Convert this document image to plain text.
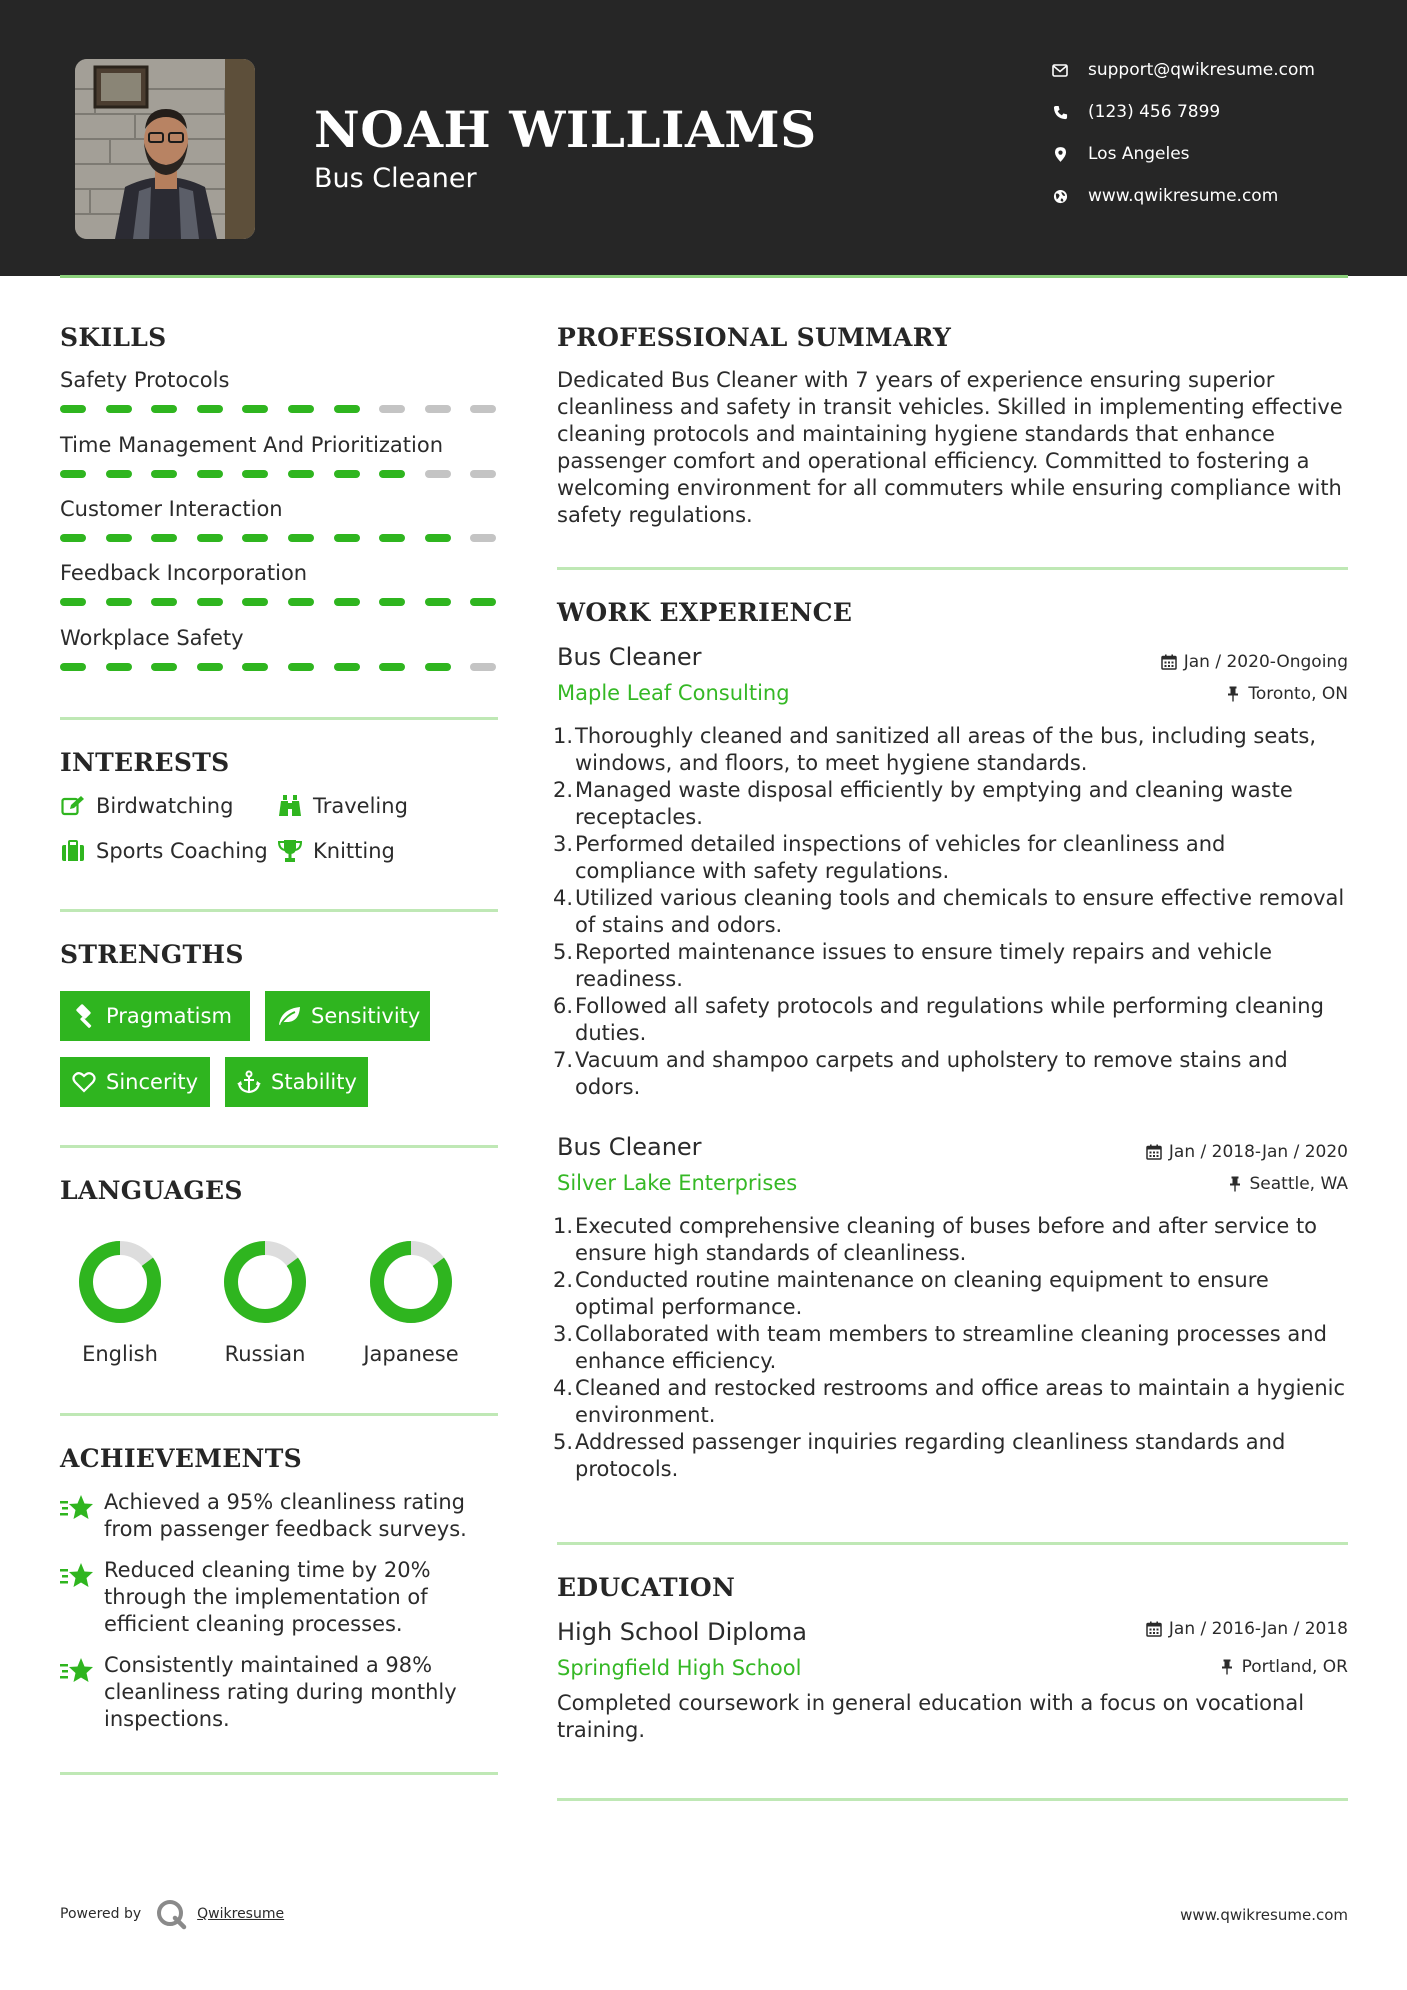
NOAH WILLIAMS
Bus Cleaner
support@qwikresume.com
(123) 456 7899
Los Angeles
www.qwikresume.com
SKILLS
Safety Protocols
Time Management And Prioritization
Customer Interaction
Feedback Incorporation
Workplace Safety
INTERESTS
Birdwatching	Traveling
Sports Coaching Knitting
STRENGTHS
Pragmatism	Sensitivity
Sincerity	Stability
LANGUAGES
English	Russian	Japanese
ACHIEVEMENTS
Achieved a 95% cleanliness rating from passenger feedback surveys.
Reduced cleaning time by 20% through the implementation of efficient cleaning processes.
Consistently maintained a 98% cleanliness rating during monthly inspections.
PROFESSIONAL SUMMARY
Dedicated Bus Cleaner with 7 years of experience ensuring superior cleanliness and safety in transit vehicles. Skilled in implementing effective cleaning protocols and maintaining hygiene standards that enhance passenger comfort and operational efficiency. Committed to fostering a welcoming environment for all commuters while ensuring compliance with safety regulations.
WORK EXPERIENCE
Bus Cleaner	Jan / 2020-Ongoing
Maple Leaf Consulting	Toronto, ON
1. Thoroughly cleaned and sanitized all areas of the bus, including seats, windows, and floors, to meet hygiene standards.
2. Managed waste disposal efficiently by emptying and cleaning waste receptacles.
3. Performed detailed inspections of vehicles for cleanliness and compliance with safety regulations.
4. Utilized various cleaning tools and chemicals to ensure effective removal of stains and odors.
5. Reported maintenance issues to ensure timely repairs and vehicle readiness.
6. Followed all safety protocols and regulations while performing cleaning duties.
7. Vacuum and shampoo carpets and upholstery to remove stains and odors.
Bus Cleaner	Jan / 2018-Jan / 2020
Silver Lake Enterprises	Seattle, WA
1. Executed comprehensive cleaning of buses before and after service to ensure high standards of cleanliness.
2. Conducted routine maintenance on cleaning equipment to ensure optimal performance.
3. Collaborated with team members to streamline cleaning processes and enhance efficiency.
4. Cleaned and restocked restrooms and office areas to maintain a hygienic environment.
5. Addressed passenger inquiries regarding cleanliness standards and protocols.
EDUCATION
High School Diploma	Jan / 2016-Jan / 2018
Springfield High School	Portland, OR
Completed coursework in general education with a focus on vocational training.
Powered by	Qwikresume	www.qwikresume.com
